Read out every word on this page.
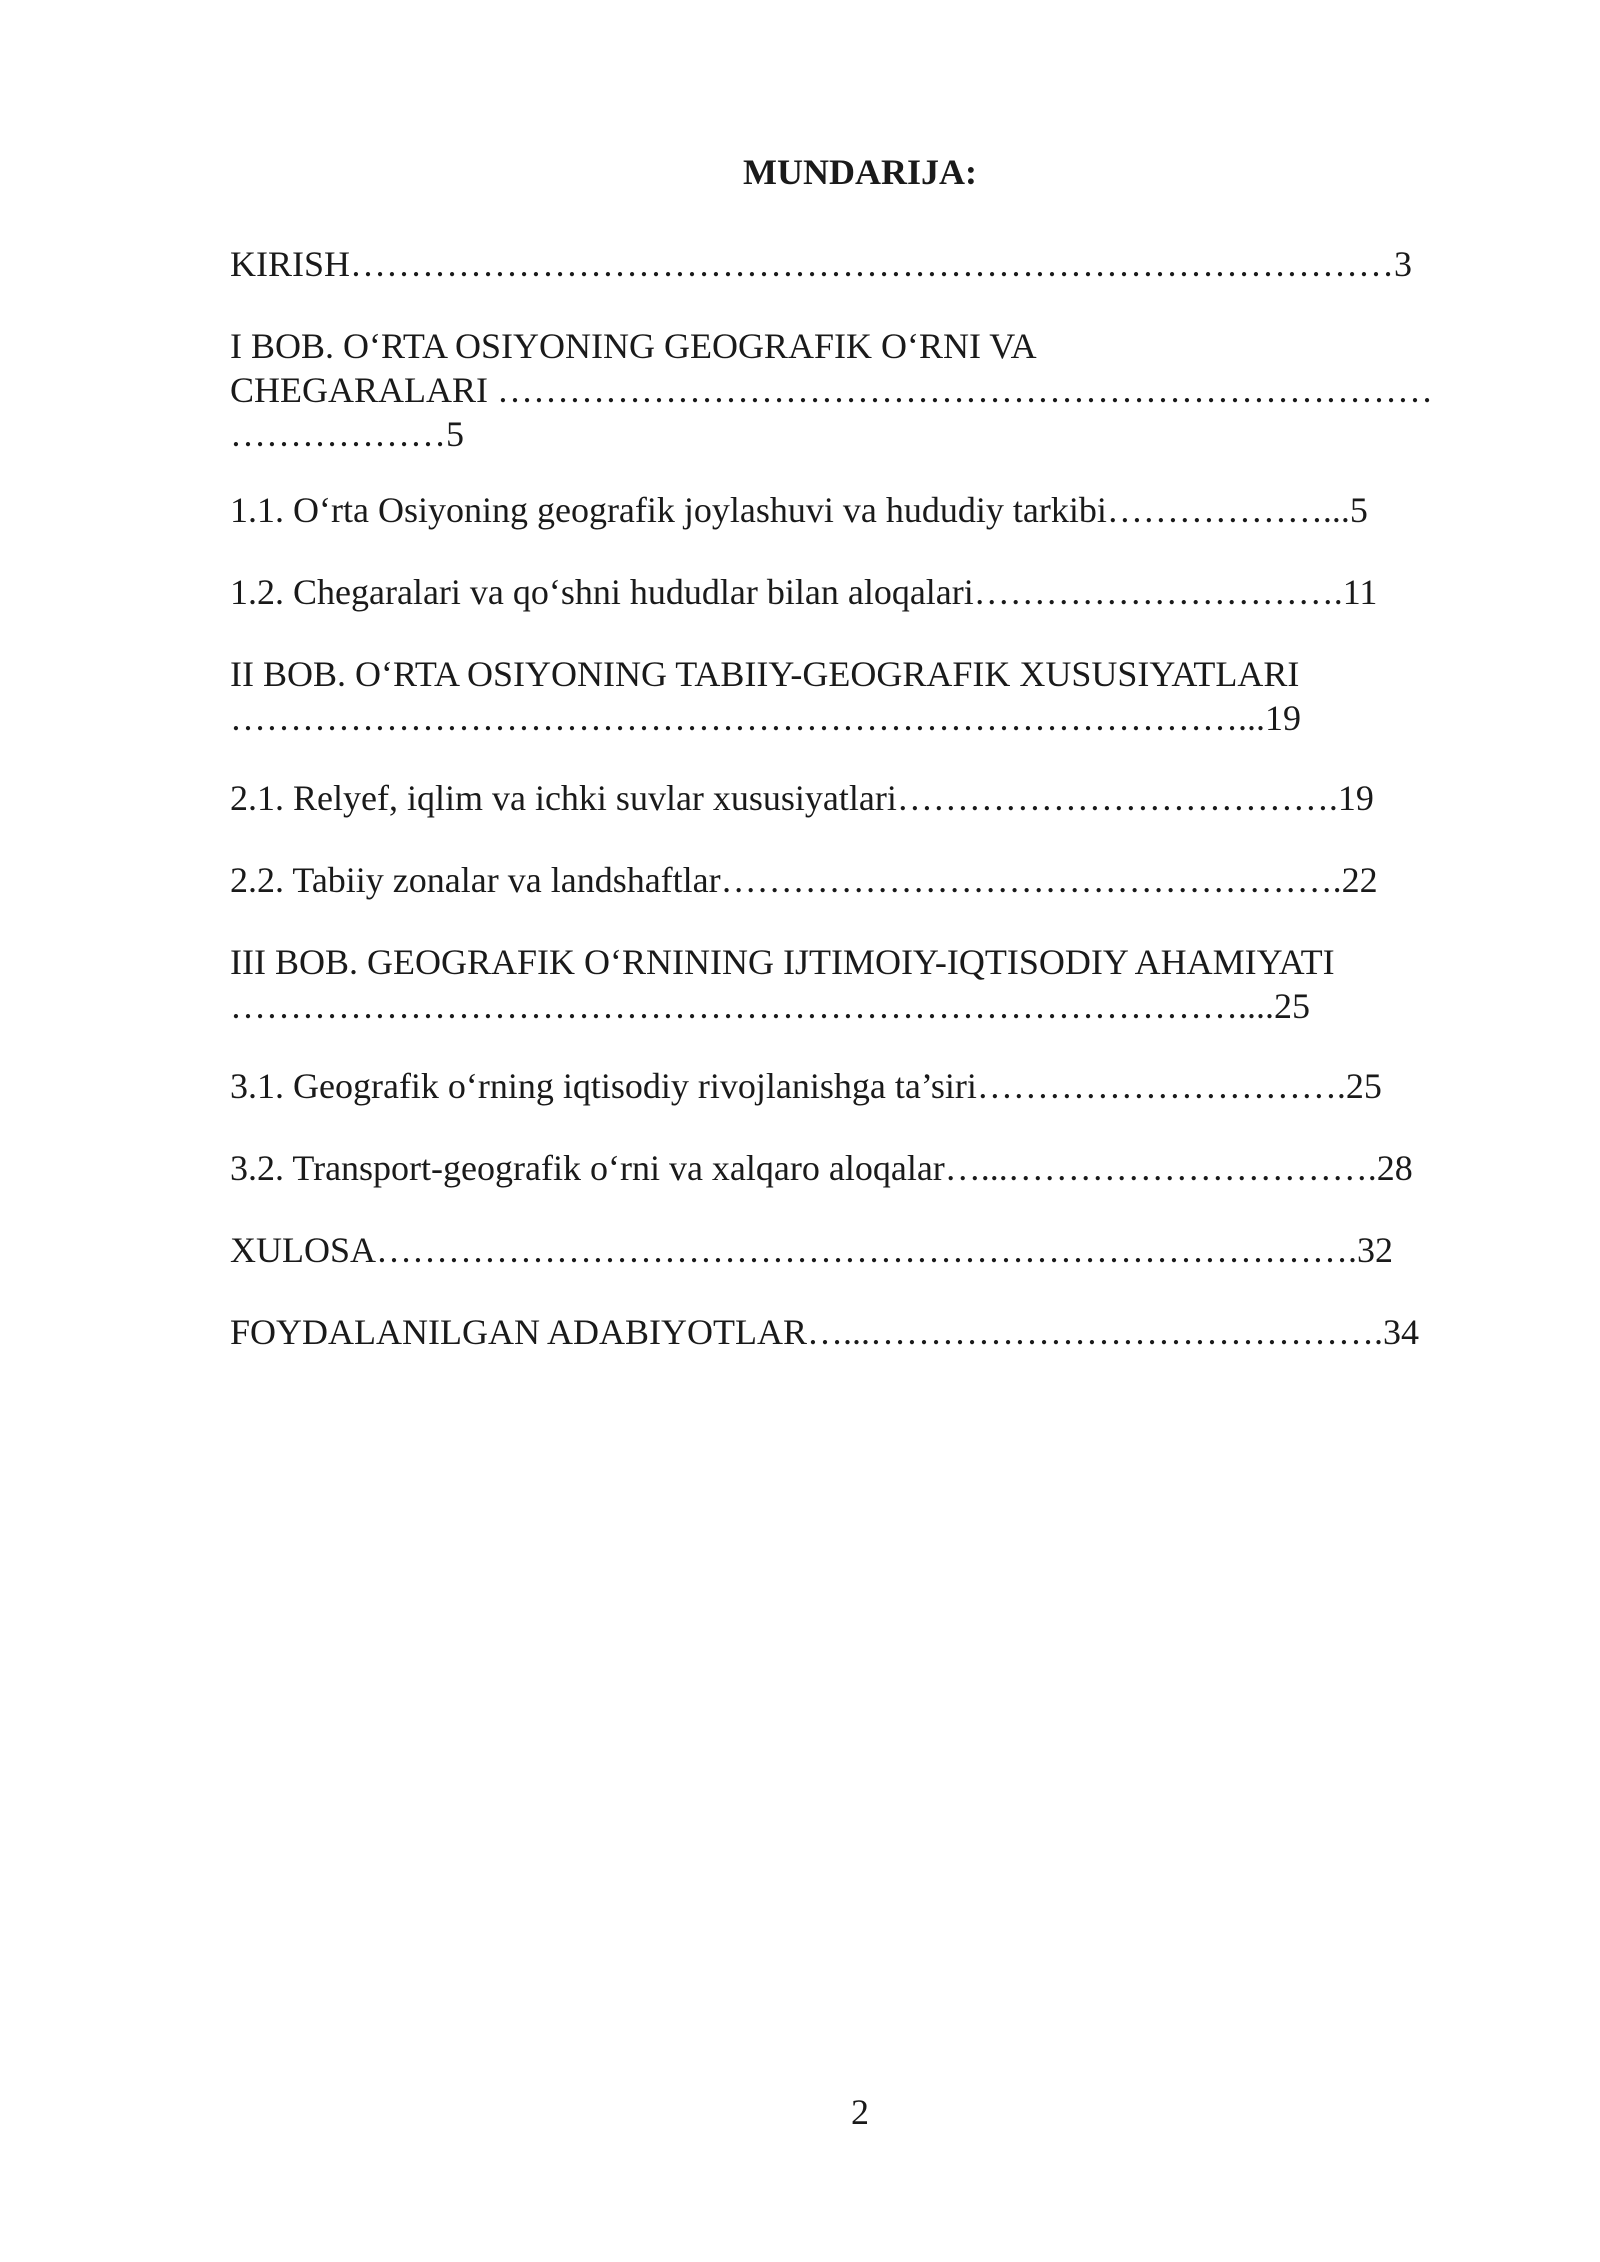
MUNDARIJA:
KIRISH……………………………………………………………………………3
I BOB. O‘RTA OSIYONING GEOGRAFIK O‘RNI VA
CHEGARALARI ……………………………………………………………………
………………5
1.1. O‘rta Osiyoning geografik joylashuvi va hududiy tarkibi………………...5
1.2. Chegaralari va qo‘shni hududlar bilan aloqalari………………………….11
II BOB. O‘RTA OSIYONING TABIIY-GEOGRAFIK XUSUSIYATLARI
…………………………………………………………………………...19
2.1. Relyef, iqlim va ichki suvlar xususiyatlari……………………………….19
2.2. Tabiiy zonalar va landshaftlar…………………………………………….22
III BOB. GEOGRAFIK O‘RNINING IJTIMOIY-IQTISODIY AHAMIYATI
…………………………………………………………………………....25
3.1. Geografik o‘rning iqtisodiy rivojlanishga ta’siri………………………….25
3.2. Transport-geografik o‘rni va xalqaro aloqalar…...………………………….28
XULOSA……………………………………………………………………….32
FOYDALANILGAN ADABIYOTLAR…...…………………………………….34
2
